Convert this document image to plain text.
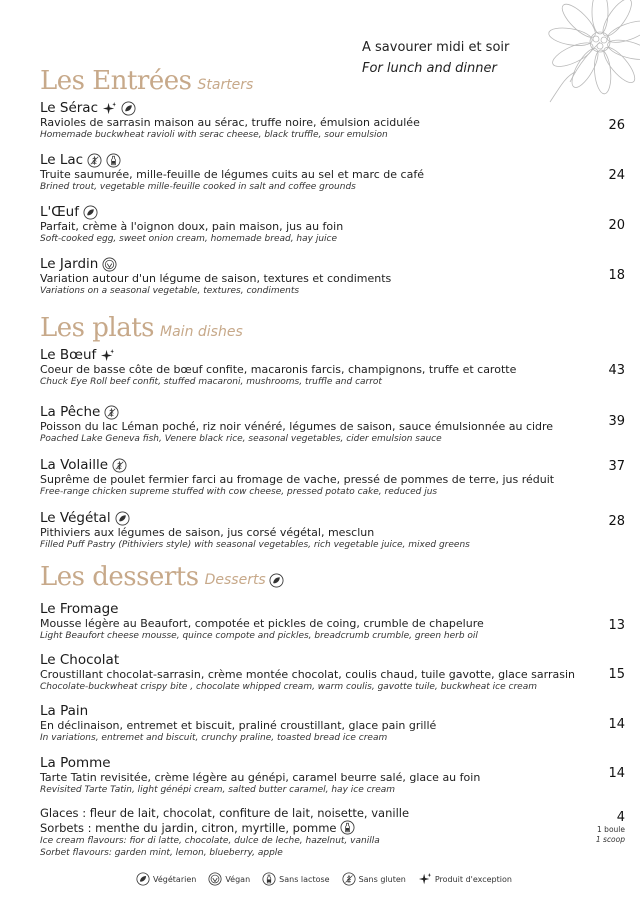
A savourer midi et soir
For lunch and dinner
Les Entrées Starters
Le Sérac
Ravioles de sarrasin maison au sérac, truffe noire, émulsion acidulée
Homemade buckwheat ravioli with serac cheese, black truffle, sour emulsion
26
Le Lac
Truite saumurée, mille-feuille de légumes cuits au sel et marc de café
Brined trout, vegetable mille-feuille cooked in salt and coffee grounds
24
L'Œuf
Parfait, crème à l'oignon doux, pain maison, jus au foin
Soft-cooked egg, sweet onion cream, homemade bread, hay juice
20
Le Jardin
Variation autour d'un légume de saison, textures et condiments
Variations on a seasonal vegetable, textures, condiments
18
Les plats Main dishes
Le Bœuf
Coeur de basse côte de bœuf confite, macaronis farcis, champignons, truffe et carotte
Chuck Eye Roll beef confit, stuffed macaroni, mushrooms, truffle and carrot
43
La Pêche
Poisson du lac Léman poché, riz noir vénéré, légumes de saison, sauce émulsionnée au cidre
Poached Lake Geneva fish, Venere black rice, seasonal vegetables, cider emulsion sauce
39
La Volaille
Suprême de poulet fermier farci au fromage de vache, pressé de pommes de terre, jus réduit
Free-range chicken supreme stuffed with cow cheese, pressed potato cake, reduced jus
37
Le Végétal
Pithiviers aux légumes de saison, jus corsé végétal, mesclun
Filled Puff Pastry (Pithiviers style) with seasonal vegetables, rich vegetable juice, mixed greens
28
Les desserts Desserts
Le Fromage
Mousse légère au Beaufort, compotée et pickles de coing, crumble de chapelure
Light Beaufort cheese mousse, quince compote and pickles, breadcrumb crumble, green herb oil
13
Le Chocolat
Croustillant chocolat-sarrasin, crème montée chocolat, coulis chaud, tuile gavotte, glace sarrasin
Chocolate-buckwheat crispy bite , chocolate whipped cream, warm coulis, gavotte tuile, buckwheat ice cream
15
La Pain
En déclinaison, entremet et biscuit, praliné croustillant, glace pain grillé
In variations, entremet and biscuit, crunchy praline, toasted bread ice cream
14
La Pomme
Tarte Tatin revisitée, crème légère au génépi, caramel beurre salé, glace au foin
Revisited Tarte Tatin, light génépi cream, salted butter caramel, hay ice cream
14
Glaces : fleur de lait, chocolat, confiture de lait, noisette, vanille
Sorbets : menthe du jardin, citron, myrtille, pomme
Ice cream flavours: fior di latte, chocolate, dulce de leche, hazelnut, vanilla
Sorbet flavours: garden mint, lemon, blueberry, apple
4
1 boule
1 scoop
Végétarien	Végan	Sans lactose	Sans gluten	Produit d'exception
